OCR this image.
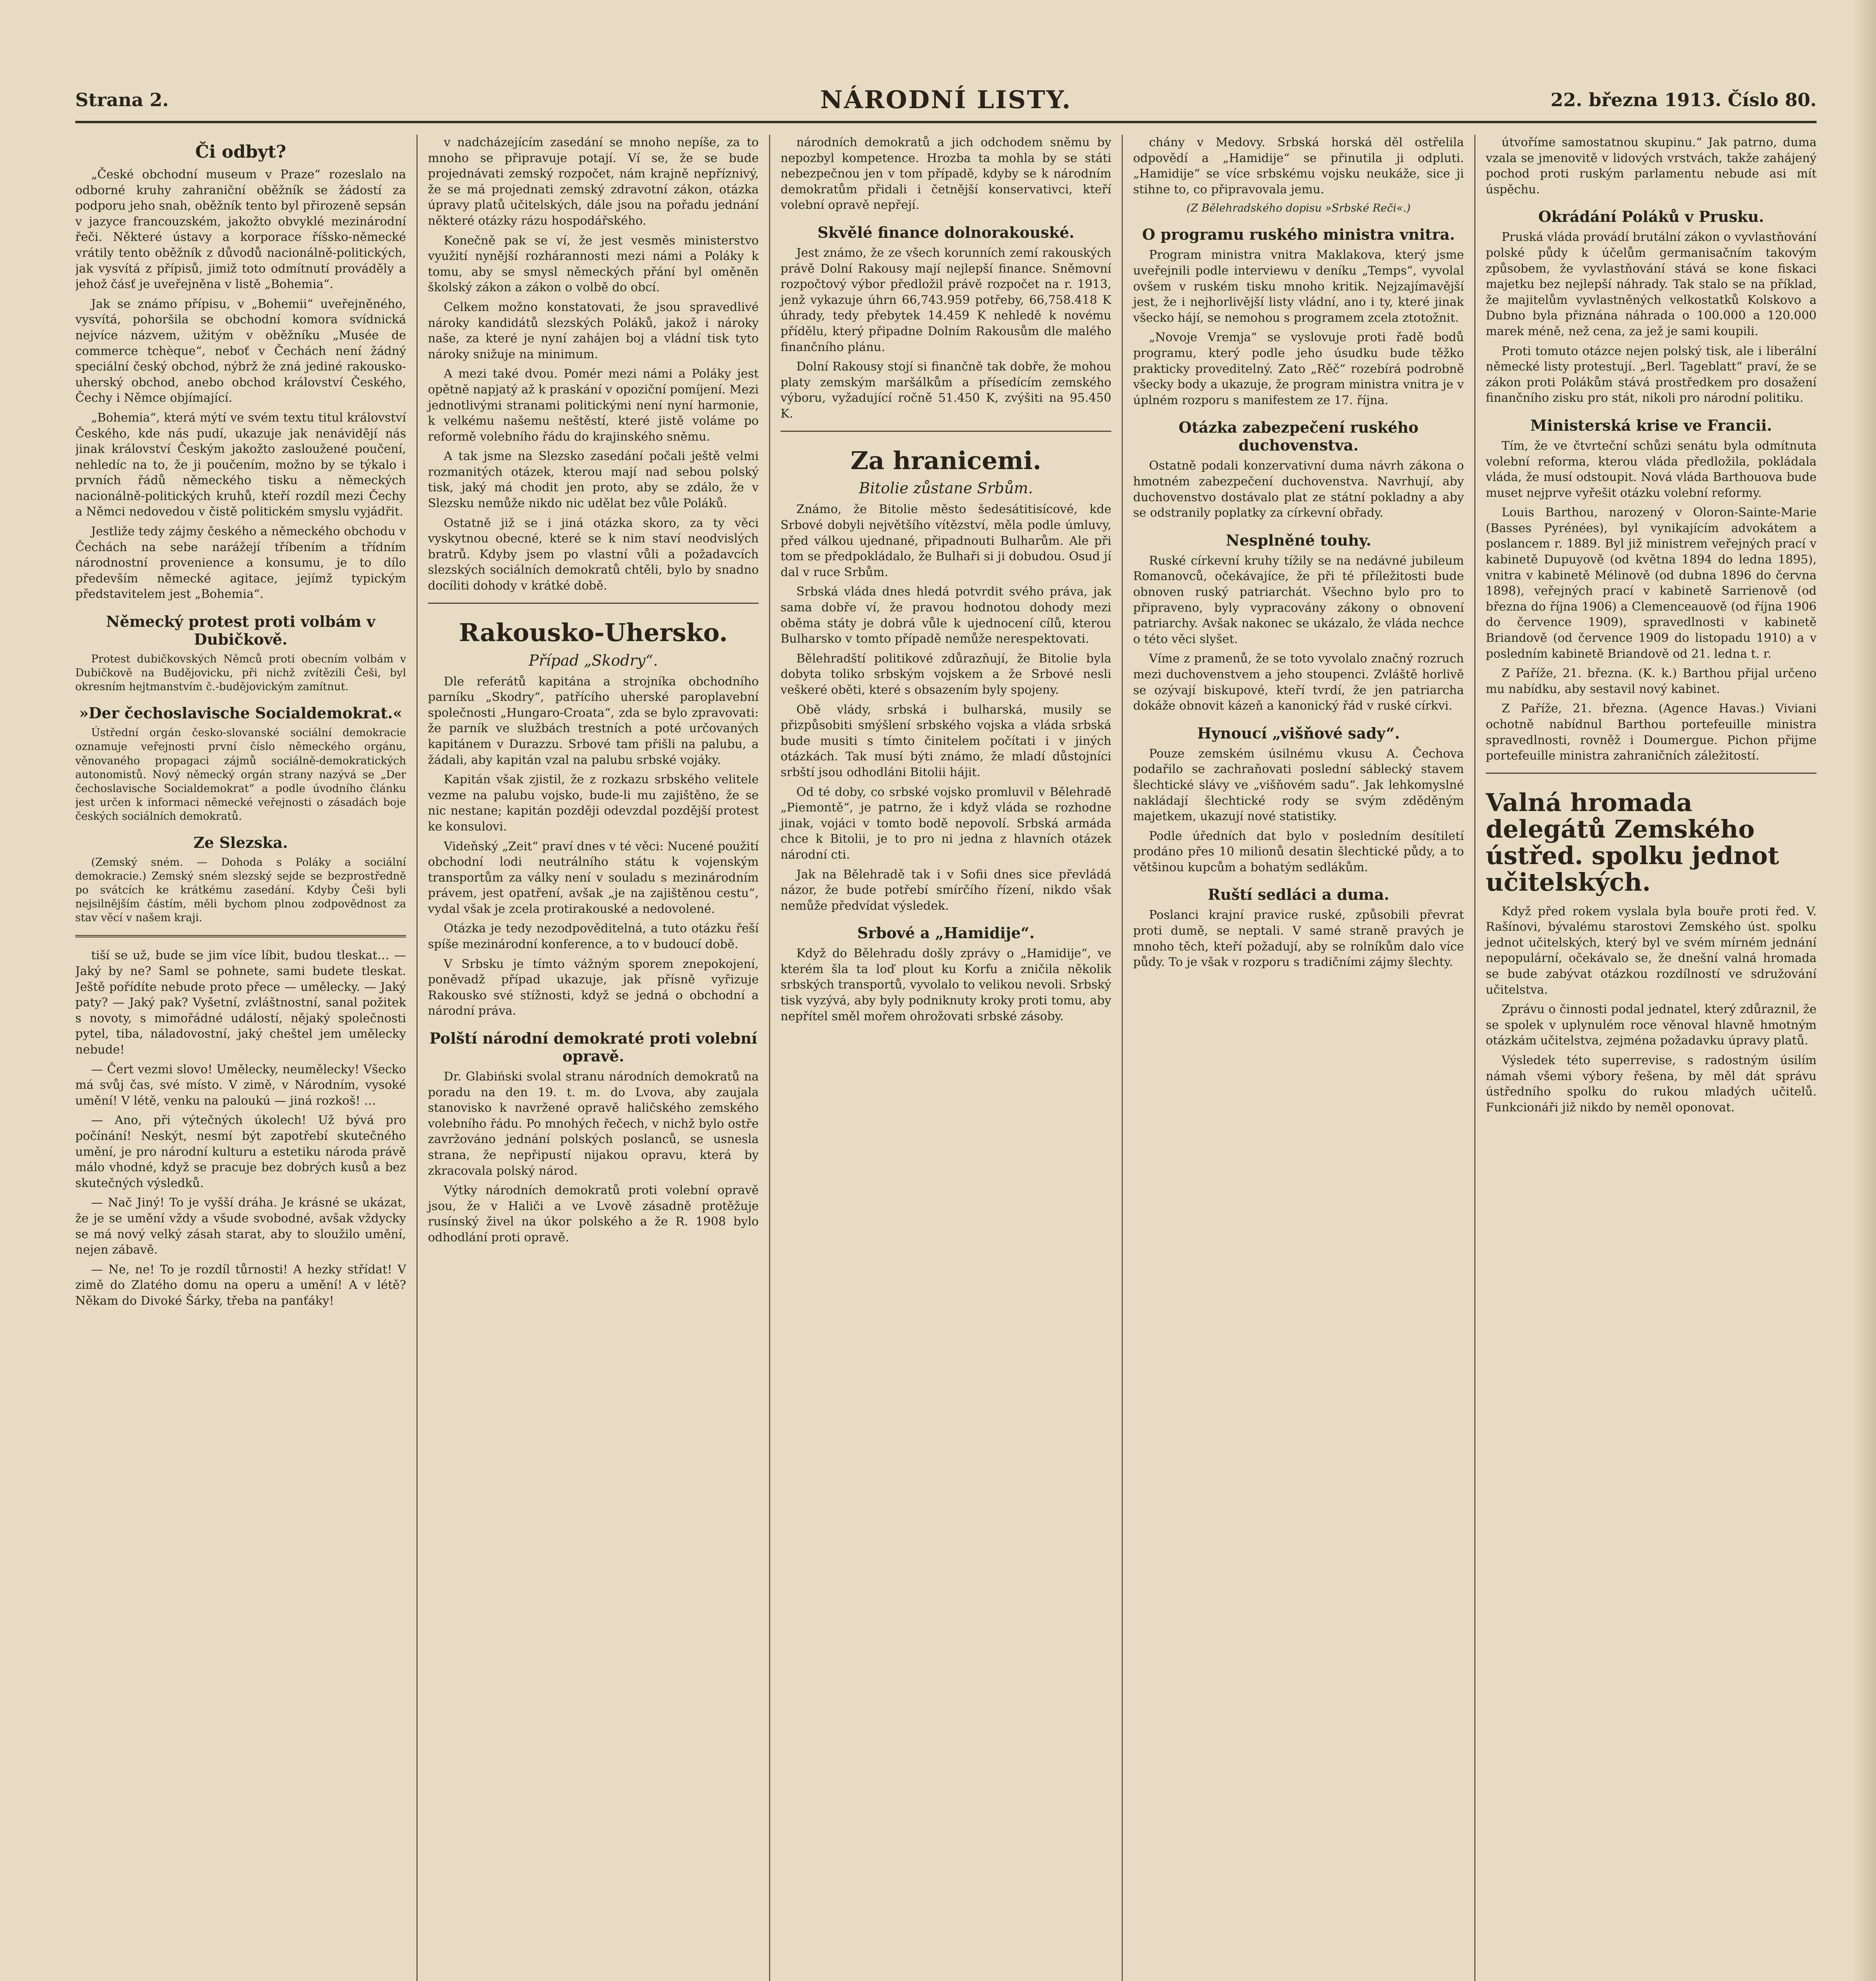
Strana 2.	NÁRODNÍ LISTY.	22. března 1913. Číslo 80.
Či odbyt?

„České obchodní museum v Praze“ rozeslalo na odborné kruhy zahraniční oběžník se žádostí za podporu jeho snah, oběžník tento byl přirozeně sepsán v jazyce francouzském, jakožto obvyklé mezinárodní řeči. Některé ústavy a korporace říšsko-německé vrátily tento oběžník z důvodů nacionálně-politických, jak vysvítá z přípisů, jimiž toto odmítnutí prováděly a jehož čásť je uveřejněna v listě „Bohemia“.

Jak se známo přípisu, v „Bohemii“ uveřejněného, vysvítá, pohoršila se obchodní komora svídnická nejvíce názvem, užitým v oběžníku „Musée de commerce tchèque“, neboť v Čechách není žádný speciální český obchod, nýbrž že zná jediné rakousko-uherský obchod, anebo obchod království Českého, Čechy i Němce objímající.

„Bohemia“, která mýtí ve svém textu titul království Českého, kde nás pudí, ukazuje jak nenávidějí nás jinak království Českým jakožto zasloužené poučení, nehledíc na to, že ji poučením, možno by se týkalo i prvních řádů německého tisku a německých nacionálně-politických kruhů, kteří rozdíl mezi Čechy a Němci nedovedou v čistě politickém smyslu vyjádřit.

Jestliže tedy zájmy českého a německého obchodu v Čechách na sebe narážejí tříbením a třídním národnostní provenience a konsumu, je to dílo především německé agitace, jejímž typickým představitelem jest „Bohemia“.

Německý protest proti volbám v Dubičkově.

Protest dubičkovských Němců proti obecním volbám v Dubičkově na Budějovicku, při nichž zvítězili Češi, byl okresním hejtmanstvím č.-budějovickým zamítnut.

»Der čechoslavische Socialdemokrat.«

Ústřední orgán česko-slovanské sociální demokracie oznamuje veřejnosti první číslo německého orgánu, věnovaného propagaci zájmů sociálně-demokratických autonomistů. Nový německý orgán strany nazývá se „Der čechoslavische Socialdemokrat“ a podle úvodního článku jest určen k informaci německé veřejnosti o zásadách boje českých sociálních demokratů.

Ze Slezska.

(Zemský sném. — Dohoda s Poláky a sociální demokracie.) Zemský sném slezský sejde se bezprostředně po svátcích ke krátkému zasedání. Kdyby Češi byli nejsilnějším částím, měli bychom plnou zodpovědnost za stav věcí v našem kraji.

tiší se už, bude se jim více líbit, budou tleskat… — Jaký by ne? Saml se pohnete, sami budete tleskat. Ještě pořídíte nebude proto přece — umělecky. — Jaký paty? — Jaký pak? Vyšetní, zvláštnostní, sanal požitek s novoty, s mimořádné událostí, nějaký společnosti pytel, tiba, náladovostní, jaký cheštel jem umělecky nebude!

— Čert vezmi slovo! Umělecky, neumělecky! Všecko má svůj čas, své místo. V zimě, v Národním, vysoké umění! V létě, venku na paloukú — jiná rozkoš! …

— Ano, při výtečných úkolech! Už bývá pro počínání! Neskýt, nesmí být zapotřebí skutečného umění, je pro národní kulturu a estetiku národa právě málo vhodné, když se pracuje bez dobrých kusů a bez skutečných výsledků.

— Nač Jiný! To je vyšší dráha. Je krásné se ukázat, že je se umění vždy a všude svobodné, avšak vždycky se má nový velký zásah starat, aby to sloužilo umění, nejen zábavě.

— Ne, ne! To je rozdíl tůrnosti! A hezky střídat! V zimě do Zlatého domu na operu a umění! A v létě? Někam do Divoké Šárky, třeba na panťáky!

v nadcházejícím zasedání se mnoho nepíše, za to mnoho se připravuje potají. Ví se, že se bude projednávati zemský rozpočet, nám krajně nepříznivý, že se má projednati zemský zdravotní zákon, otázka úpravy platů učitelských, dále jsou na pořadu jednání některé otázky rázu hospodářského.

Konečně pak se ví, že jest vesměs ministerstvo využití nynější rozhárannosti mezi námi a Poláky k tomu, aby se smysl německých přání byl oměněn školský zákon a zákon o volbě do obcí.

Celkem možno konstatovati, že jsou spravedlivé nároky kandidátů slezských Poláků, jakož i nároky naše, za které je nyní zahájen boj a vládní tisk tyto nároky snižuje na minimum.

A mezi také dvou. Pomér mezi námi a Poláky jest opětně napjatý až k praskání v opoziční pomíjení. Mezi jednotlivými stranami politickými není nyní harmonie, k velkému našemu neštěstí, které jistě voláme po reformě volebního řádu do krajinského sněmu.

A tak jsme na Slezsko zasedání počali ještě velmi rozmanitých otázek, kterou mají nad sebou polský tisk, jaký má chodit jen proto, aby se zdálo, že v Slezsku nemůže nikdo nic udělat bez vůle Poláků.

Ostatně již se i jiná otázka skoro, za ty věci vyskytnou obecné, které se k nim staví neodvislých bratrů. Kdyby jsem po vlastní vůli a požadavcích slezských sociálních demokratů chtěli, bylo by snadno docíliti dohody v krátké době.

Rakousko-Uhersko.
Případ „Skodry“.

Dle referátů kapitána a strojníka obchodního parníku „Skodry“, patřícího uherské paroplavební společnosti „Hungaro-Croata“, zda se bylo zpravovati: že parník ve službách trestních a poté určovaných kapitánem v Durazzu. Srbové tam přišli na palubu, a žádali, aby kapitán vzal na palubu srbské vojáky.

Kapitán však zjistil, že z rozkazu srbského velitele vezme na palubu vojsko, bude-li mu zajištěno, že se nic nestane; kapitán později odevzdal pozdější protest ke konsulovi.

Videňský „Zeit“ praví dnes v té věci: Nucené použití obchodní lodi neutrálního státu k vojenským transportům za války není v souladu s mezinárodním právem, jest opatření, avšak „je na zajištěnou cestu“, vydal však je zcela protirakouské a nedovolené.

Otázka je tedy nezodpověditelná, a tuto otázku řeší spíše mezinárodní konference, a to v budoucí době.

V Srbsku je tímto vážným sporem znepokojení, poněvadž případ ukazuje, jak přísně vyřizuje Rakousko své stížnosti, když se jedná o obchodní a národní práva.

Polští národní demokraté proti volební opravě.

Dr. Glabiński svolal stranu národních demokratů na poradu na den 19. t. m. do Lvova, aby zaujala stanovisko k navržené opravě haličského zemského volebního řádu. Po mnohých řečech, v nichž bylo ostře zavržováno jednání polských poslanců, se usnesla strana, že nepřipustí nijakou opravu, která by zkracovala polský národ.

Výtky národních demokratů proti volební opravě jsou, že v Haliči a ve Lvově zásadně protěžuje rusínský živel na úkor polského a že R. 1908 bylo odhodlání proti opravě.

národních demokratů a jich odchodem sněmu by nepozbyl kompetence. Hrozba ta mohla by se státi nebezpečnou jen v tom případě, kdyby se k národním demokratům přidali i četnější konservativci, kteří volební opravě nepřejí.

Skvělé finance dolnorakouské.

Jest známo, že ze všech korunních zemí rakouských právě Dolní Rakousy mají nejlepší finance. Sněmovní rozpočtový výbor předložil právě rozpočet na r. 1913, jenž vykazuje úhrn 66,743.959 potřeby, 66,758.418 K úhrady, tedy přebytek 14.459 K nehledě k novému přídělu, který připadne Dolním Rakousům dle malého finančního plánu.

Dolní Rakousy stojí si finančně tak dobře, že mohou platy zemským maršálkům a přísedícím zemského výboru, vyžadující ročně 51.450 K, zvýšiti na 95.450 K.

Za hranicemi.
Bitolie zůstane Srbům.

Známo, že Bitolie město šedesátitisícové, kde Srbové dobyli největšího vítězství, měla podle úmluvy, před válkou ujednané, připadnouti Bulharům. Ale při tom se předpokládalo, že Bulhaři si ji dobudou. Osud jí dal v ruce Srbům.

Srbská vláda dnes hledá potvrdit svého práva, jak sama dobře ví, že pravou hodnotou dohody mezi oběma státy je dobrá vůle k ujednocení cílů, kterou Bulharsko v tomto případě nemůže nerespektovati.

Bělehradští politikové zdůrazňují, že Bitolie byla dobyta toliko srbským vojskem a že Srbové nesli veškeré oběti, které s obsazením byly spojeny.

Obě vlády, srbská i bulharská, musily se přizpůsobiti smýšlení srbského vojska a vláda srbská bude musiti s tímto činitelem počítati i v jiných otázkách. Tak musí býti známo, že mladí důstojníci srbští jsou odhodláni Bitolii hájit.

Od té doby, co srbské vojsko promluvil v Bělehradě „Piemontě“, je patrno, že i když vláda se rozhodne jinak, vojáci v tomto bodě nepovolí. Srbská armáda chce k Bitolii, je to pro ni jedna z hlavních otázek národní cti.

Jak na Bělehradě tak i v Sofii dnes sice převládá názor, že bude potřebí smírčího řízení, nikdo však nemůže předvídat výsledek.

Srbové a „Hamidije“.

Když do Bělehradu došly zprávy o „Hamidije“, ve kterém šla ta loď plout ku Korfu a zničila několik srbských transportů, vyvolalo to velikou nevoli. Srbský tisk vyzývá, aby byly podniknuty kroky proti tomu, aby nepřítel směl mořem ohrožovati srbské zásoby.

chány v Medovy. Srbská horská děl ostřelila odpovědí a „Hamidije“ se přinutila ji odpluti. „Hamidije“ se více srbskému vojsku neukáže, sice ji stihne to, co připravovala jemu.

(Z Bělehradského dopisu »Srbské Reči«.)

O programu ruského ministra vnitra.

Program ministra vnitra Maklakova, který jsme uveřejnili podle interviewu v deníku „Temps“, vyvolal ovšem v ruském tisku mnoho kritik. Nejzajímavější jest, že i nejhorlivější listy vládní, ano i ty, které jinak všecko hájí, se nemohou s programem zcela ztotožnit.

„Novoje Vremja“ se vyslovuje proti řadě bodů programu, který podle jeho úsudku bude těžko prakticky proveditelný. Zato „Rěč“ rozebírá podrobně všecky body a ukazuje, že program ministra vnitra je v úplném rozporu s manifestem ze 17. října.

Otázka zabezpečení ruského duchovenstva.

Ostatně podali konzervativní duma návrh zákona o hmotném zabezpečení duchovenstva. Navrhují, aby duchovenstvo dostávalo plat ze státní pokladny a aby se odstranily poplatky za církevní obřady.

Nesplněné touhy.

Ruské církevní kruhy tížily se na nedávné jubileum Romanovců, očekávajíce, že při té příležitosti bude obnoven ruský patriarchát. Všechno bylo pro to připraveno, byly vypracovány zákony o obnovení patriarchy. Avšak nakonec se ukázalo, že vláda nechce o této věci slyšet.

Víme z pramenů, že se toto vyvolalo značný rozruch mezi duchovenstvem a jeho stoupenci. Zvláště horlivě se ozývají biskupové, kteří tvrdí, že jen patriarcha dokáže obnovit kázeň a kanonický řád v ruské církvi.

Hynoucí „višňové sady“.

Pouze zemském úsilnému vkusu A. Čechova podařilo se zachraňovati poslední sáblecký stavem šlechtické slávy ve „višňovém sadu“. Jak lehkomyslné nakládají šlechtické rody se svým zděděným majetkem, ukazují nové statistiky.

Podle úředních dat bylo v posledním desítiletí prodáno přes 10 milionů desatin šlechtické půdy, a to většinou kupcům a bohatým sedlákům.

Ruští sedláci a duma.

Poslanci krajní pravice ruské, způsobili převrat proti dumě, se neptali. V samé straně pravých je mnoho těch, kteří požadují, aby se rolníkům dalo více půdy. To je však v rozporu s tradičními zájmy šlechty.

útvoříme samostatnou skupinu.“ Jak patrno, duma vzala se jmenovitě v lidových vrstvách, takže zahájený pochod proti ruským parlamentu nebude asi mít úspěchu.

Okrádání Poláků v Prusku.

Pruská vláda provádí brutální zákon o vyvlastňování polské půdy k účelům germanisačním takovým způsobem, že vyvlastňování stává se kone fiskaci majetku bez nejlepší náhrady. Tak stalo se na příklad, že majitelům vyvlastněných velkostatků Kolskovo a Dubno byla přiznána náhrada o 100.000 a 120.000 marek méně, než cena, za jež je sami koupili.

Proti tomuto otázce nejen polský tisk, ale i liberální německé listy protestují. „Berl. Tageblatt“ praví, že se zákon proti Polákům stává prostředkem pro dosažení finančního zisku pro stát, nikoli pro národní politiku.

Ministerská krise ve Francii.

Tím, že ve čtvrteční schůzi senátu byla odmítnuta volební reforma, kterou vláda předložila, pokládala vláda, že musí odstoupit. Nová vláda Barthouova bude muset nejprve vyřešit otázku volební reformy.

Louis Barthou, narozený v Oloron-Sainte-Marie (Basses Pyrénées), byl vynikajícím advokátem a poslancem r. 1889. Byl již ministrem veřejných prací v kabinetě Dupuyově (od května 1894 do ledna 1895), vnitra v kabinetě Mélinově (od dubna 1896 do června 1898), veřejných prací v kabinetě Sarrienově (od března do října 1906) a Clemenceauově (od října 1906 do července 1909), spravedlnosti v kabinetě Briandově (od července 1909 do listopadu 1910) a v posledním kabinetě Briandově od 21. ledna t. r.

Z Paříže, 21. března. (K. k.) Barthou přijal určeno mu nabídku, aby sestavil nový kabinet.

Z Paříže, 21. března. (Agence Havas.) Viviani ochotně nabídnul Barthou portefeuille ministra spravedlnosti, rovněž i Doumergue. Pichon přijme portefeuille ministra zahraničních záležitostí.

Valná hromada delegátů Zemského ústřed. spolku jednot učitelských.

Když před rokem vyslala byla bouře proti řed. V. Rašínovi, bývalému starostovi Zemského úst. spolku jednot učitelských, který byl ve svém mírném jednání nepopulární, očekávalo se, že dnešní valná hromada se bude zabývat otázkou rozdílností ve sdružování učitelstva.

Zprávu o činnosti podal jednatel, který zdůraznil, že se spolek v uplynulém roce věnoval hlavně hmotným otázkám učitelstva, zejména požadavku úpravy platů.

Výsledek této superrevise, s radostným úsilím námah všemi výbory řešena, by měl dát správu ústředního spolku do rukou mladých učitelů. Funkcionáři již nikdo by neměl oponovat.
